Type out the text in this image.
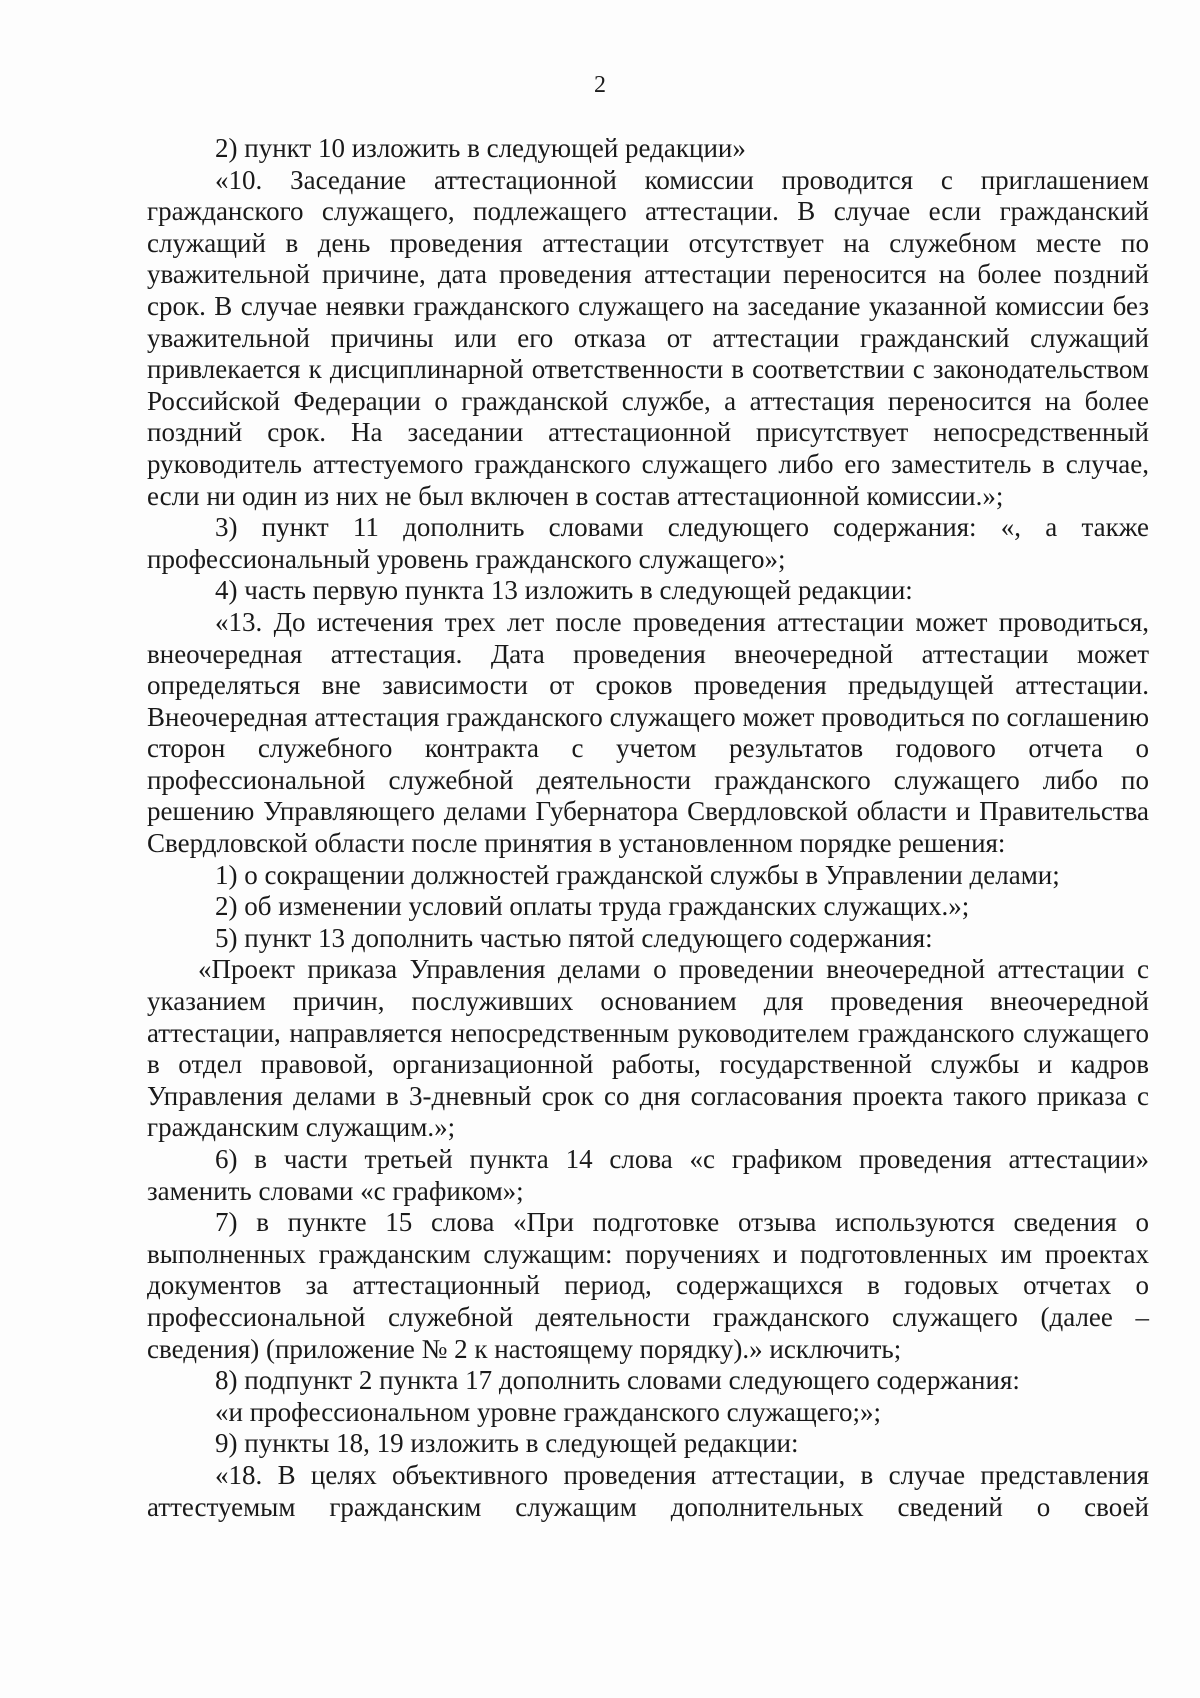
2

2) пункт 10 изложить в следующей редакции»

«10. Заседание аттестационной комиссии проводится с приглашением гражданского служащего, подлежащего аттестации. В случае если гражданский служащий в день проведения аттестации отсутствует на служебном месте по уважительной причине, дата проведения аттестации переносится на более поздний срок. В случае неявки гражданского служащего на заседание указанной комиссии без уважительной причины или его отказа от аттестации гражданский служащий привлекается к дисциплинарной ответственности в соответствии с законодательством Российской Федерации о гражданской службе, а аттестация переносится на более поздний срок. На заседании аттестационной присутствует непосредственный руководитель аттестуемого гражданского служащего либо его заместитель в случае, если ни один из них не был включен в состав аттестационной комиссии.»;

3) пункт 11 дополнить словами следующего содержания: «, а также профессиональный уровень гражданского служащего»;

4) часть первую пункта 13 изложить в следующей редакции:

«13. До истечения трех лет после проведения аттестации может проводиться, внеочередная аттестация. Дата проведения внеочередной аттестации может определяться вне зависимости от сроков проведения предыдущей аттестации. Внеочередная аттестация гражданского служащего может проводиться по соглашению сторон служебного контракта с учетом результатов годового отчета о профессиональной служебной деятельности гражданского служащего либо по решению Управляющего делами Губернатора Свердловской области и Правительства Свердловской области после принятия в установленном порядке решения:

1) о сокращении должностей гражданской службы в Управлении делами;

2) об изменении условий оплаты труда гражданских служащих.»;

5) пункт 13 дополнить частью пятой следующего содержания:

«Проект приказа Управления делами о проведении внеочередной аттестации с указанием причин, послуживших основанием для проведения внеочередной аттестации, направляется непосредственным руководителем гражданского служащего в отдел правовой, организационной работы, государственной службы и кадров Управления делами в 3-дневный срок со дня согласования проекта такого приказа с гражданским служащим.»;

6) в части третьей пункта 14 слова «с графиком проведения аттестации» заменить словами «с графиком»;

7) в пункте 15 слова «При подготовке отзыва используются сведения о выполненных гражданским служащим: поручениях и подготовленных им проектах документов за аттестационный период, содержащихся в годовых отчетах о профессиональной служебной деятельности гражданского служащего (далее – сведения) (приложение № 2 к настоящему порядку).» исключить;

8) подпункт 2 пункта 17 дополнить словами следующего содержания:

«и профессиональном уровне гражданского служащего;»;

9) пункты 18, 19 изложить в следующей редакции:

«18. В целях объективного проведения аттестации, в случае представления аттестуемым гражданским служащим дополнительных сведений о своей
